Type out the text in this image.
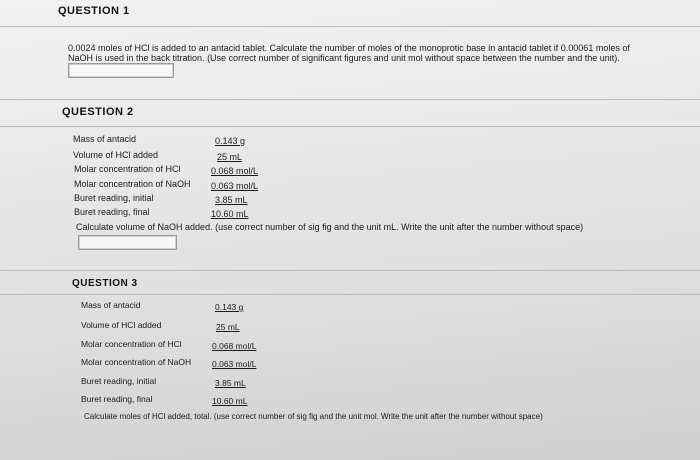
QUESTION 1
0.0024 moles of HCl is added to an antacid tablet. Calculate the number of moles of the monoprotic base in antacid tablet if 0.00061 moles of
NaOH is used in the back titration. (Use correct number of significant figures and unit mol without space between the number and the unit).
QUESTION 2
Mass of antacid	0.143 g
Volume of HCl added	25 mL
Molar concentration of HCl	0.068 mol/L
Molar concentration of NaOH 0.063 mol/L
Buret reading, initial	3.85 mL
Buret reading, final	10.60 mL
Calculate volume of NaOH added. (use correct number of sig fig and the unit mL. Write the unit after the number without space)
QUESTION 3
Mass of antacid	0.143 g
Volume of HCl added	25 mL
Molar concentration of HCl	0.068 mol/L
Molar concentration of NaOH 0.063 mol/L
Buret reading, initial	3.85 mL
Buret reading, final	10.60 mL
Calculate moles of HCl added, total. (use correct number of sig fig and the unit mol. Write the unit after the number without space)
